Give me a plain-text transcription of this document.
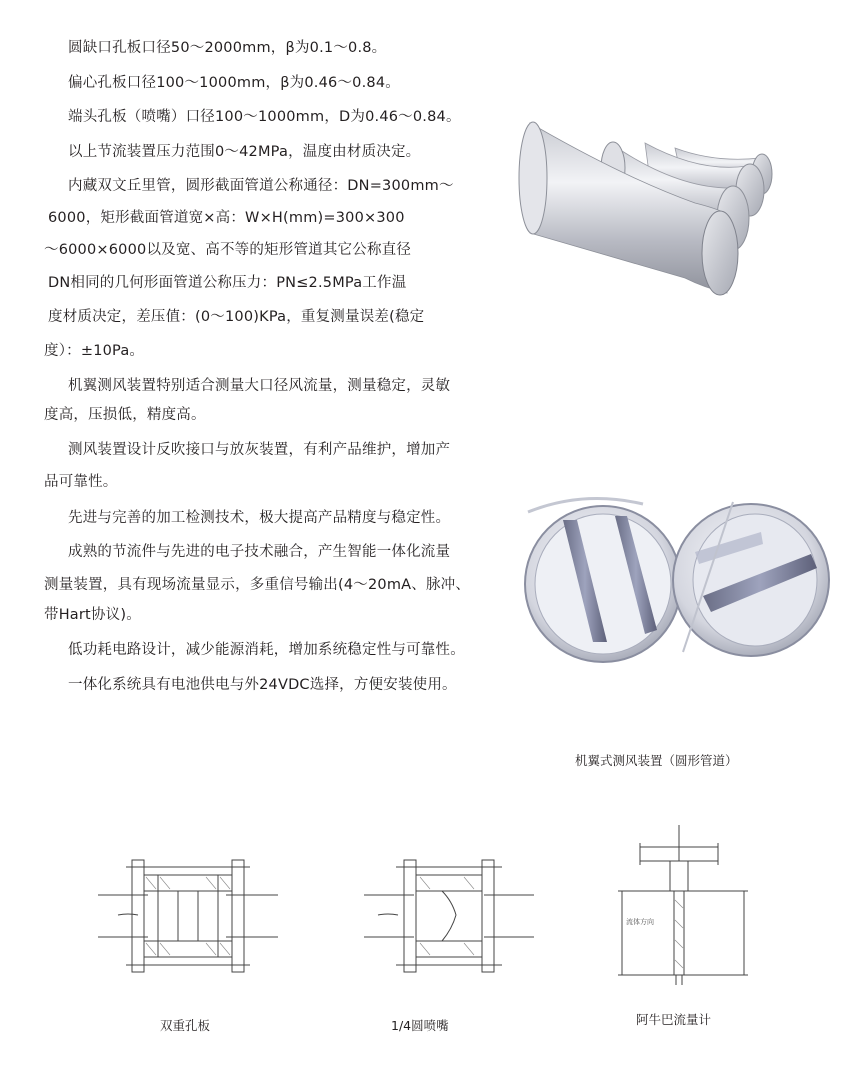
圆缺口孔板口径50～2000mm，β为0.1～0.8。
偏心孔板口径100～1000mm，β为0.46～0.84。
端头孔板（喷嘴）口径100～1000mm，D为0.46～0.84。
以上节流装置压力范围0～42MPa，温度由材质决定。
内藏双文丘里管，圆形截面管道公称通径：DN=300mm～
6000，矩形截面管道宽×高：W×H(mm)=300×300
～6000×6000以及宽、高不等的矩形管道其它公称直径
DN相同的几何形面管道公称压力：PN≤2.5MPa工作温
度材质决定，差压值：(0～100)KPa，重复测量误差(稳定
度）：±10Pa。
机翼测风装置特别适合测量大口径风流量，测量稳定，灵敏
度高，压损低，精度高。
测风装置设计反吹接口与放灰装置，有利产品维护，增加产
品可靠性。
先进与完善的加工检测技术，极大提高产品精度与稳定性。
成熟的节流件与先进的电子技术融合，产生智能一体化流量
测量装置，具有现场流量显示，多重信号输出(4～20mA、脉冲、
带Hart协议)。
低功耗电路设计，减少能源消耗，增加系统稳定性与可靠性。
一体化系统具有电池供电与外24VDC选择，方便安装使用。
机翼式测风装置（圆形管道）
双重孔板	1/4圆喷嘴
流体方向
阿牛巴流量计
